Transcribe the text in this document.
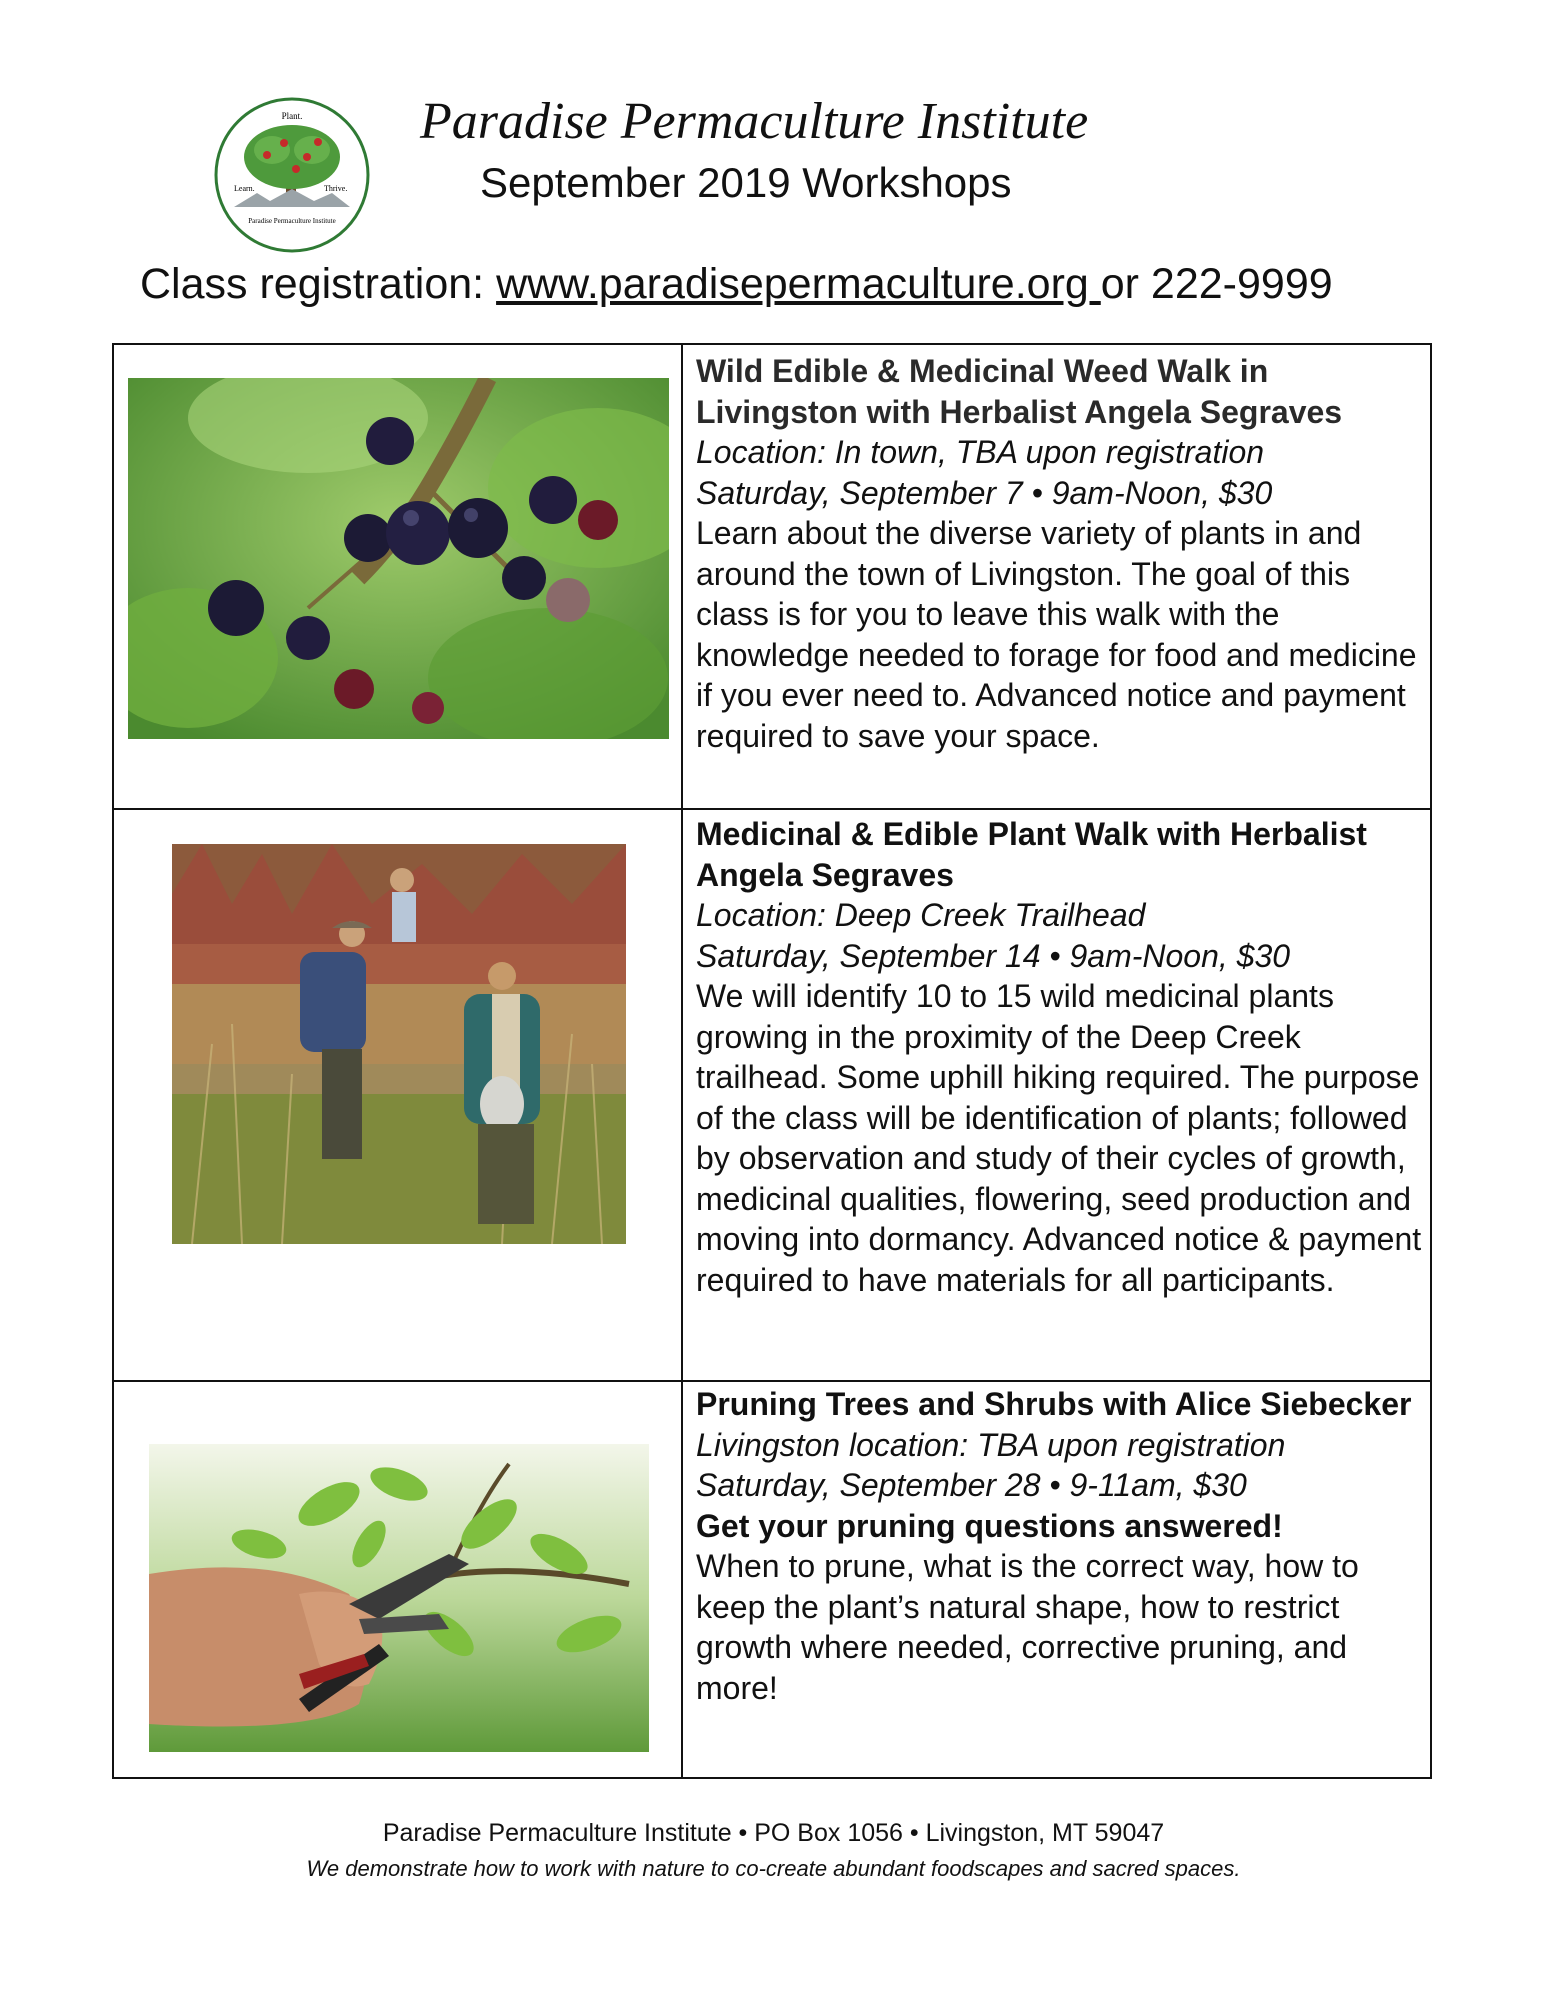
Plant.
Learn.	Thrive.
Paradise Permaculture Institute
Paradise Permaculture Institute
September 2019 Workshops
Class registration: www.paradisepermaculture.org or 222-9999
Wild Edible & Medicinal Weed Walk in Livingston with Herbalist Angela Segraves
Location: In town, TBA upon registration
Saturday, September 7 • 9am-Noon, $30
Learn about the diverse variety of plants in and around the town of Livingston. The goal of this class is for you to leave this walk with the knowledge needed to forage for food and medicine if you ever need to. Advanced notice and payment required to save your space.
Medicinal & Edible Plant Walk with Herbalist Angela Segraves
Location: Deep Creek Trailhead
Saturday, September 14 • 9am-Noon, $30
We will identify 10 to 15 wild medicinal plants growing in the proximity of the Deep Creek trailhead. Some uphill hiking required. The purpose of the class will be identification of plants; followed by observation and study of their cycles of growth, medicinal qualities, flowering, seed production and moving into dormancy. Advanced notice & payment required to have materials for all participants.
Pruning Trees and Shrubs with Alice Siebecker
Livingston location: TBA upon registration
Saturday, September 28 • 9-11am, $30
Get your pruning questions answered!
When to prune, what is the correct way, how to keep the plant’s natural shape, how to restrict growth where needed, corrective pruning, and more!
Paradise Permaculture Institute • PO Box 1056 • Livingston, MT 59047
We demonstrate how to work with nature to co-create abundant foodscapes and sacred spaces.
